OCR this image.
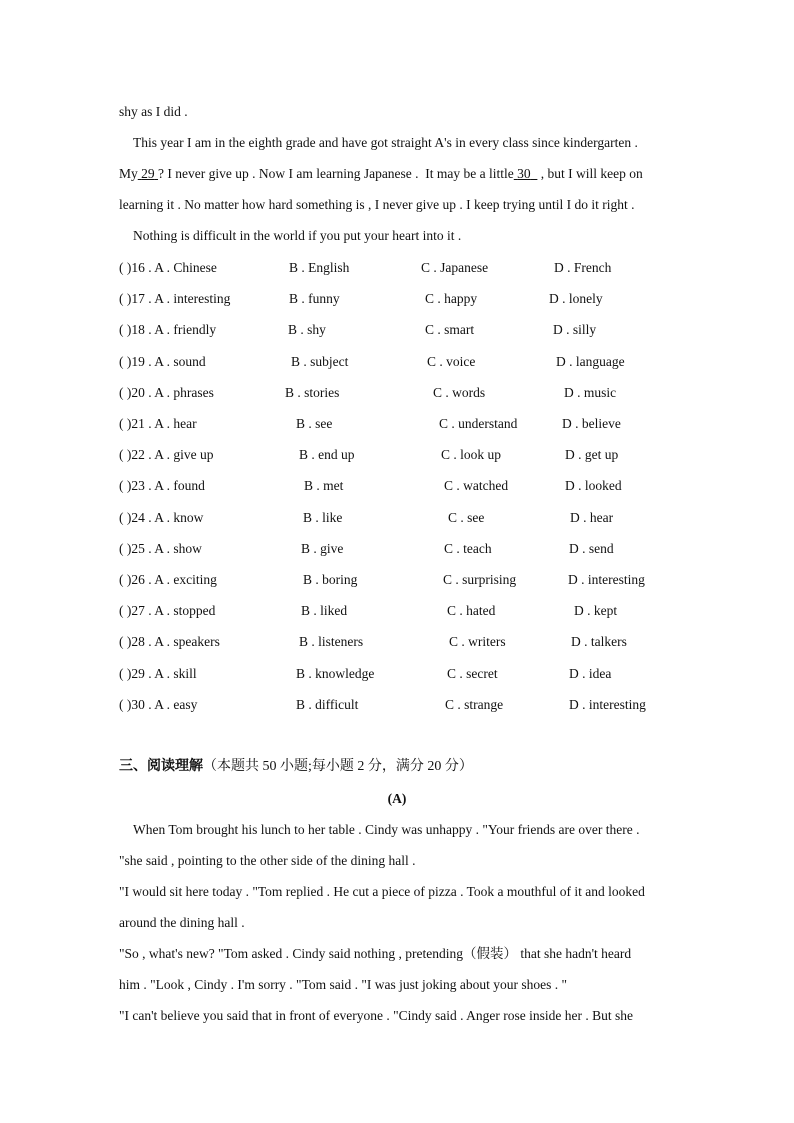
shy as I did .
This year I am in the eighth grade and have got straight A's in every class since kindergarten .
My 29 ? I never give up . Now I am learning Japanese . It may be a little 30 , but I will keep on
learning it . No matter how hard something is , I never give up . I keep trying until I do it right .
Nothing is difficult in the world if you put your heart into it .
( )16 . A . Chinese	B . English	C . Japanese	D . French
( )17 . A . interesting	B . funny	C . happy	D . lonely
( )18 . A . friendly	B . shy	C . smart	D . silly
( )19 . A . sound	B . subject	C . voice	D . language
( )20 . A . phrases	B . stories	C . words	D . music
( )21 . A . hear	B . see	C . understand	D . believe
( )22 . A . give up	B . end up	C . look up	D . get up
( )23 . A . found	B . met	C . watched	D . looked
( )24 . A . know	B . like	C . see	D . hear
( )25 . A . show	B . give	C . teach	D . send
( )26 . A . exciting	B . boring	C . surprising	D . interesting
( )27 . A . stopped	B . liked	C . hated	D . kept
( )28 . A . speakers	B . listeners	C . writers	D . talkers
( )29 . A . skill	B . knowledge	C . secret	D . idea
( )30 . A . easy	B . difficult	C . strange	D . interesting
三、阅读理解（本题共 50 小题;每小题 2 分，满分 20 分）
(A)
When Tom brought his lunch to her table . Cindy was unhappy . "Your friends are over there .
"she said , pointing to the other side of the dining hall .
"I would sit here today . "Tom replied . He cut a piece of pizza . Took a mouthful of it and looked
around the dining hall .
"So , what's new? "Tom asked . Cindy said nothing , pretending（假装） that she hadn't heard
him . "Look , Cindy . I'm sorry . "Tom said . "I was just joking about your shoes . "
"I can't believe you said that in front of everyone . "Cindy said . Anger rose inside her . But she
